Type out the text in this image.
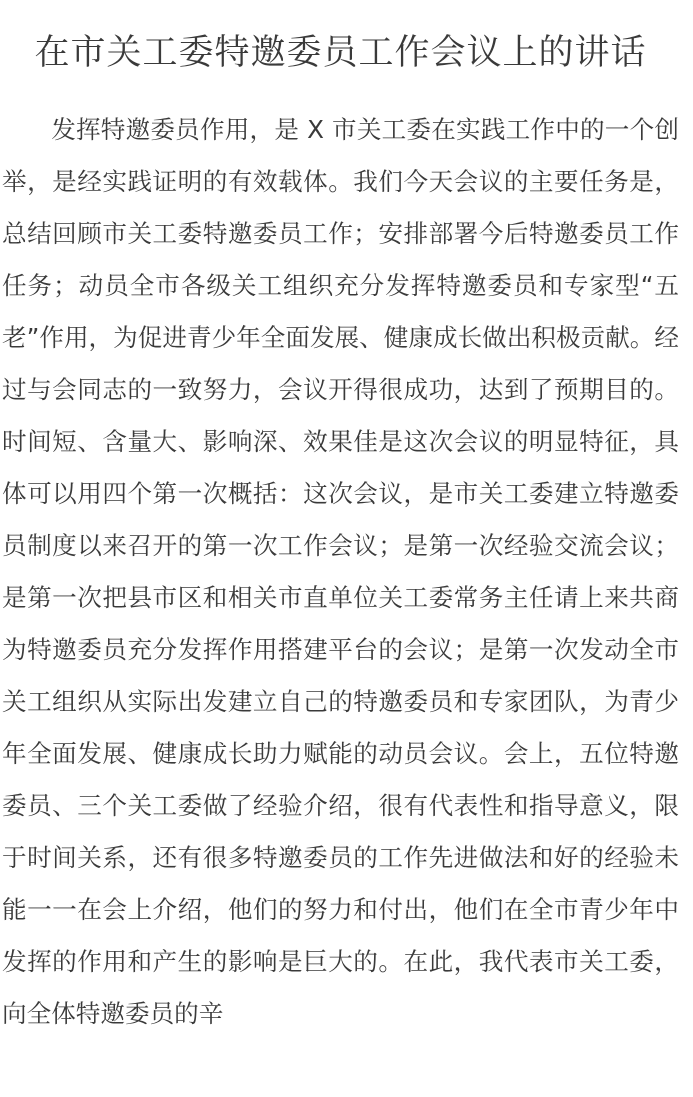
在市关工委特邀委员工作会议上的讲话

发挥特邀委员作用，是 X 市关工委在实践工作中的一个创举，是经实践证明的有效载体。我们今天会议的主要任务是，总结回顾市关工委特邀委员工作；安排部署今后特邀委员工作任务；动员全市各级关工组织充分发挥特邀委员和专家型“五老”作用，为促进青少年全面发展、健康成长做出积极贡献。经过与会同志的一致努力，会议开得很成功，达到了预期目的。时间短、含量大、影响深、效果佳是这次会议的明显特征，具体可以用四个第一次概括：这次会议，是市关工委建立特邀委员制度以来召开的第一次工作会议；是第一次经验交流会议；是第一次把县市区和相关市直单位关工委常务主任请上来共商为特邀委员充分发挥作用搭建平台的会议；是第一次发动全市关工组织从实际出发建立自己的特邀委员和专家团队，为青少年全面发展、健康成长助力赋能的动员会议。会上，五位特邀委员、三个关工委做了经验介绍，很有代表性和指导意义，限于时间关系，还有很多特邀委员的工作先进做法和好的经验未能一一在会上介绍，他们的努力和付出，他们在全市青少年中发挥的作用和产生的影响是巨大的。在此，我代表市关工委，向全体特邀委员的辛
